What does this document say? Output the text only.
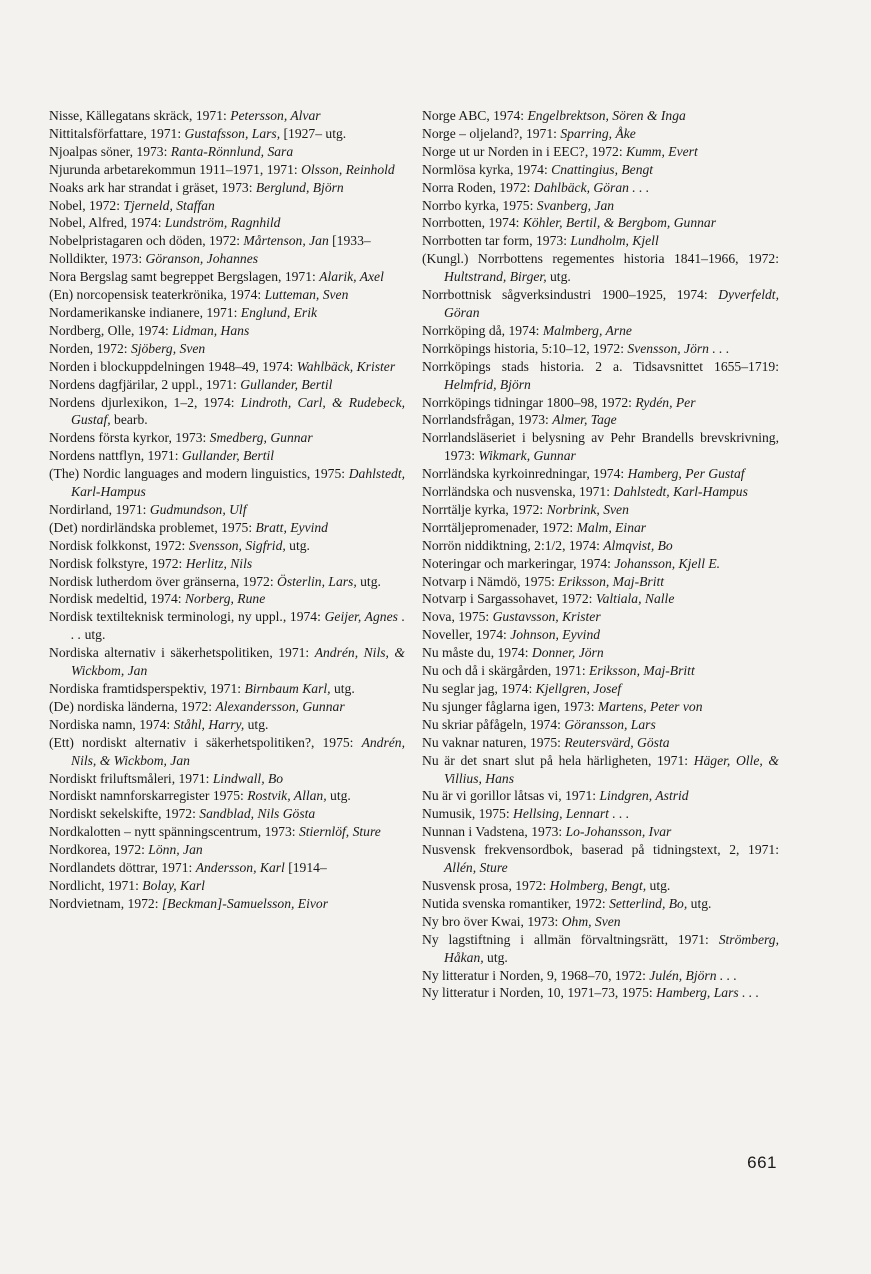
Nisse, Källegatans skräck, 1971: Petersson, Alvar

Nittitalsförfattare, 1971: Gustafsson, Lars, [1927– utg.

Njoalpas söner, 1973: Ranta-Rönnlund, Sara

Njurunda arbetarekommun 1911–1971, 1971: Olsson, Reinhold

Noaks ark har strandat i gräset, 1973: Berglund, Björn

Nobel, 1972: Tjerneld, Staffan

Nobel, Alfred, 1974: Lundström, Ragnhild

Nobelpristagaren och döden, 1972: Mårtenson, Jan [1933–

Nolldikter, 1973: Göranson, Johannes

Nora Bergslag samt begreppet Bergslagen, 1971: Alarik, Axel

(En) norcopensisk teaterkrönika, 1974: Lutteman, Sven

Nordamerikanske indianere, 1971: Englund, Erik

Nordberg, Olle, 1974: Lidman, Hans

Norden, 1972: Sjöberg, Sven

Norden i blockuppdelningen 1948–49, 1974: Wahlbäck, Krister

Nordens dagfjärilar, 2 uppl., 1971: Gullander, Bertil

Nordens djurlexikon, 1–2, 1974: Lindroth, Carl, & Rudebeck, Gustaf, bearb.

Nordens första kyrkor, 1973: Smedberg, Gunnar

Nordens nattflyn, 1971: Gullander, Bertil

(The) Nordic languages and modern linguistics, 1975: Dahlstedt, Karl-Hampus

Nordirland, 1971: Gudmundson, Ulf

(Det) nordirländska problemet, 1975: Bratt, Eyvind

Nordisk folkkonst, 1972: Svensson, Sigfrid, utg.

Nordisk folkstyre, 1972: Herlitz, Nils

Nordisk lutherdom över gränserna, 1972: Österlin, Lars, utg.

Nordisk medeltid, 1974: Norberg, Rune

Nordisk textilteknisk terminologi, ny uppl., 1974: Geijer, Agnes . . . utg.

Nordiska alternativ i säkerhetspolitiken, 1971: Andrén, Nils, & Wickbom, Jan

Nordiska framtidsperspektiv, 1971: Birnbaum Karl, utg.

(De) nordiska länderna, 1972: Alexandersson, Gunnar

Nordiska namn, 1974: Ståhl, Harry, utg.

(Ett) nordiskt alternativ i säkerhetspolitiken?, 1975: Andrén, Nils, & Wickbom, Jan

Nordiskt friluftsmåleri, 1971: Lindwall, Bo

Nordiskt namnforskarregister 1975: Rostvik, Allan, utg.

Nordiskt sekelskifte, 1972: Sandblad, Nils Gösta

Nordkalotten – nytt spänningscentrum, 1973: Stiernlöf, Sture

Nordkorea, 1972: Lönn, Jan

Nordlandets döttrar, 1971: Andersson, Karl [1914–

Nordlicht, 1971: Bolay, Karl

Nordvietnam, 1972: [Beckman]-Samuelsson, Eivor

Norge ABC, 1974: Engelbrektson, Sören & Inga

Norge – oljeland?, 1971: Sparring, Åke

Norge ut ur Norden in i EEC?, 1972: Kumm, Evert

Normlösa kyrka, 1974: Cnattingius, Bengt

Norra Roden, 1972: Dahlbäck, Göran . . .

Norrbo kyrka, 1975: Svanberg, Jan

Norrbotten, 1974: Köhler, Bertil, & Bergbom, Gunnar

Norrbotten tar form, 1973: Lundholm, Kjell

(Kungl.) Norrbottens regementes historia 1841–1966, 1972: Hultstrand, Birger, utg.

Norrbottnisk sågverksindustri 1900–1925, 1974: Dyverfeldt, Göran

Norrköping då, 1974: Malmberg, Arne

Norrköpings historia, 5:10–12, 1972: Svensson, Jörn . . .

Norrköpings stads historia. 2 a. Tidsavsnittet 1655–1719: Helmfrid, Björn

Norrköpings tidningar 1800–98, 1972: Rydén, Per

Norrlandsfrågan, 1973: Almer, Tage

Norrlandsläseriet i belysning av Pehr Brandells brevskrivning, 1973: Wikmark, Gunnar

Norrländska kyrkoinredningar, 1974: Hamberg, Per Gustaf

Norrländska och nusvenska, 1971: Dahlstedt, Karl-Hampus

Norrtälje kyrka, 1972: Norbrink, Sven

Norrtäljepromenader, 1972: Malm, Einar

Norrön niddiktning, 2:1/2, 1974: Almqvist, Bo

Noteringar och markeringar, 1974: Johansson, Kjell E.

Notvarp i Nämdö, 1975: Eriksson, Maj-Britt

Notvarp i Sargassohavet, 1972: Valtiala, Nalle

Nova, 1975: Gustavsson, Krister

Noveller, 1974: Johnson, Eyvind

Nu måste du, 1974: Donner, Jörn

Nu och då i skärgården, 1971: Eriksson, Maj-Britt

Nu seglar jag, 1974: Kjellgren, Josef

Nu sjunger fåglarna igen, 1973: Martens, Peter von

Nu skriar påfågeln, 1974: Göransson, Lars

Nu vaknar naturen, 1975: Reutersvärd, Gösta

Nu är det snart slut på hela härligheten, 1971: Häger, Olle, & Villius, Hans

Nu är vi gorillor låtsas vi, 1971: Lindgren, Astrid

Numusik, 1975: Hellsing, Lennart . . .

Nunnan i Vadstena, 1973: Lo-Johansson, Ivar

Nusvensk frekvensordbok, baserad på tidningstext, 2, 1971: Allén, Sture

Nusvensk prosa, 1972: Holmberg, Bengt, utg.

Nutida svenska romantiker, 1972: Setterlind, Bo, utg.

Ny bro över Kwai, 1973: Ohm, Sven

Ny lagstiftning i allmän förvaltningsrätt, 1971: Strömberg, Håkan, utg.

Ny litteratur i Norden, 9, 1968–70, 1972: Julén, Björn . . .

Ny litteratur i Norden, 10, 1971–73, 1975: Hamberg, Lars . . .

661
